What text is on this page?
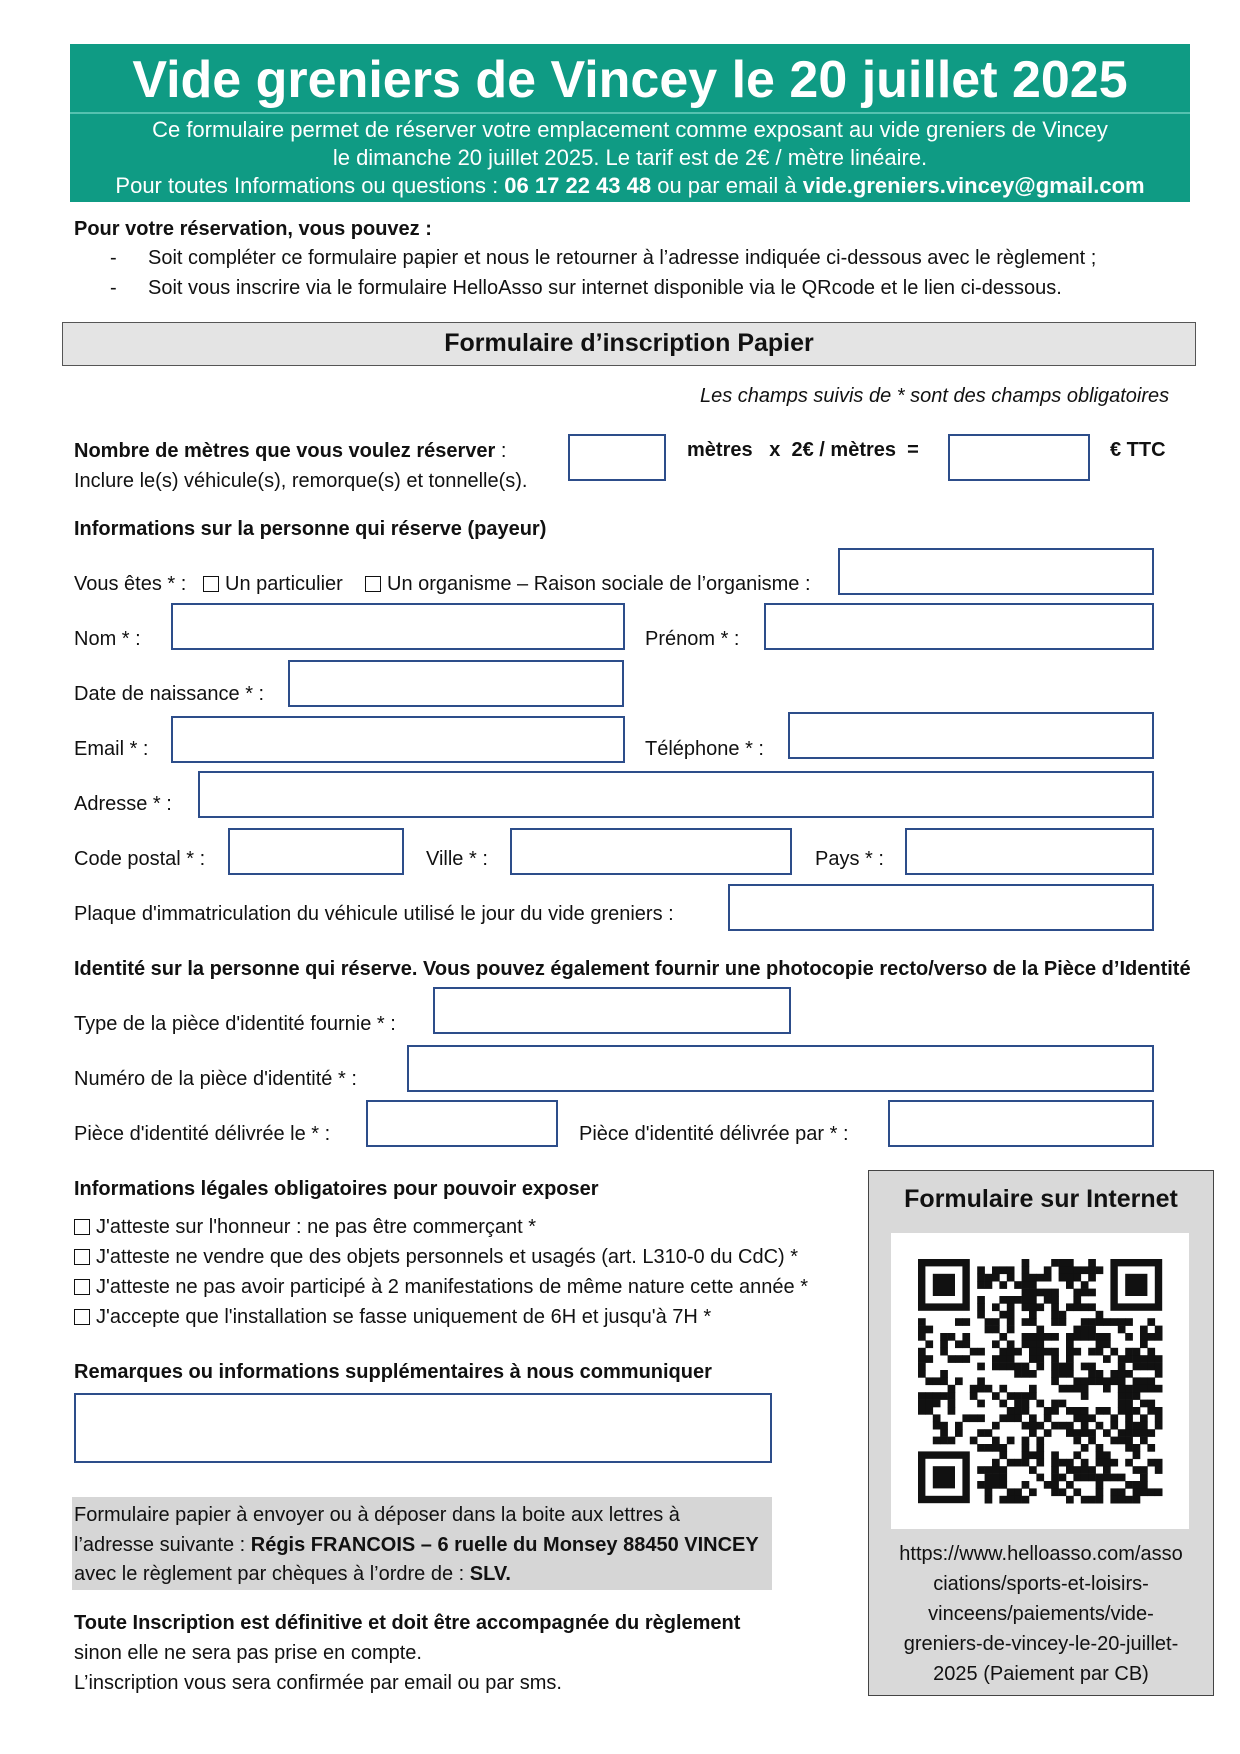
Vide greniers de Vincey le 20 juillet 2025
Ce formulaire permet de réserver votre emplacement comme exposant au vide greniers de Vincey
le dimanche 20 juillet 2025. Le tarif est de 2€ / mètre linéaire.
Pour toutes Informations ou questions : 06 17 22 43 48 ou par email à vide.greniers.vincey@gmail.com
Pour votre réservation, vous pouvez :
- Soit compléter ce formulaire papier et nous le retourner à l’adresse indiquée ci-dessous avec le règlement ;
- Soit vous inscrire via le formulaire HelloAsso sur internet disponible via le QRcode et le lien ci-dessous.
Formulaire d’inscription Papier
Les champs suivis de * sont des champs obligatoires
Nombre de mètres que vous voulez réserver :
Inclure le(s) véhicule(s), remorque(s) et tonnelle(s).
mètres   x  2€ / mètres  =	€ TTC
Informations sur la personne qui réserve (payeur)
Vous êtes * :	Un particulier	Un organisme – Raison sociale de l’organisme :
Nom * :	Prénom * :
Date de naissance * :
Email * :	Téléphone * :
Adresse * :
Code postal * :	Ville * :	Pays * :
Plaque d'immatriculation du véhicule utilisé le jour du vide greniers :
Identité sur la personne qui réserve. Vous pouvez également fournir une photocopie recto/verso de la Pièce d’Identité
Type de la pièce d'identité fournie * :
Numéro de la pièce d'identité * :
Pièce d'identité délivrée le * :	Pièce d'identité délivrée par * :
Informations légales obligatoires pour pouvoir exposer
J'atteste sur l'honneur : ne pas être commerçant *
J'atteste ne vendre que des objets personnels et usagés (art. L310-0 du CdC) *
J'atteste ne pas avoir participé à 2 manifestations de même nature cette année *
J'accepte que l'installation se fasse uniquement de 6H et jusqu'à 7H *
Remarques ou informations supplémentaires à nous communiquer
Formulaire papier à envoyer ou à déposer dans la boite aux lettres à
l’adresse suivante : Régis FRANCOIS – 6 ruelle du Monsey 88450 VINCEY
avec le règlement par chèques à l’ordre de : SLV.
Toute Inscription est définitive et doit être accompagnée du règlement
sinon elle ne sera pas prise en compte.
L’inscription vous sera confirmée par email ou par sms.
Formulaire sur Internet
https://www.helloasso.com/asso
ciations/sports-et-loisirs-
vinceens/paiements/vide-
greniers-de-vincey-le-20-juillet-
2025 (Paiement par CB)
